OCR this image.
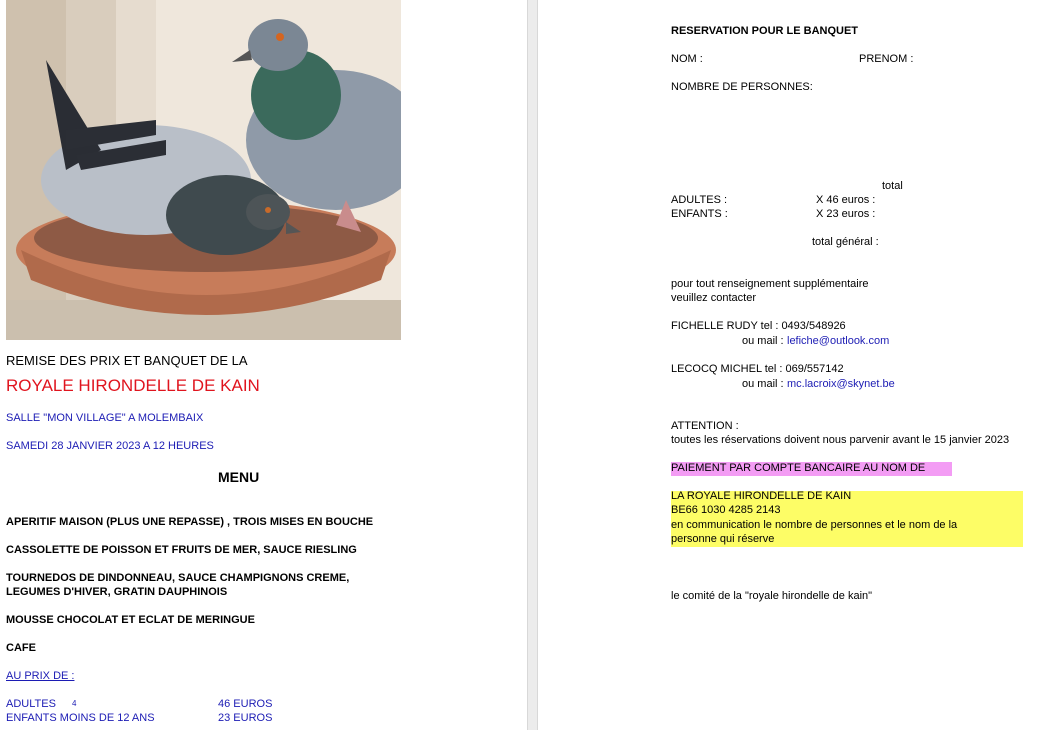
REMISE DES PRIX ET BANQUET DE LA
ROYALE HIRONDELLE DE KAIN
SALLE "MON VILLAGE" A MOLEMBAIX
SAMEDI 28 JANVIER 2023 A 12 HEURES
MENU
APERITIF MAISON (PLUS UNE REPASSE) , TROIS MISES EN BOUCHE
CASSOLETTE DE POISSON ET FRUITS DE MER, SAUCE RIESLING
TOURNEDOS DE DINDONNEAU, SAUCE CHAMPIGNONS CREME,
LEGUMES D'HIVER, GRATIN DAUPHINOIS
MOUSSE CHOCOLAT ET ECLAT DE MERINGUE
CAFE
AU PRIX DE :
ADULTES 4	46 EUROS
ENFANTS MOINS DE 12 ANS	23 EUROS
RESERVATION POUR LE BANQUET
NOM :	PRENOM :
NOMBRE DE PERSONNES:
total
ADULTES :	X 46 euros :
ENFANTS :	X 23 euros :
total général :
pour tout renseignement supplémentaire
veuillez contacter
FICHELLE RUDY tel : 0493/548926
ou mail : lefiche@outlook.com
LECOCQ MICHEL tel : 069/557142
ou mail : mc.lacroix@skynet.be
ATTENTION :
toutes les réservations doivent nous parvenir avant le 15 janvier 2023
PAIEMENT PAR COMPTE BANCAIRE AU NOM DE
LA ROYALE HIRONDELLE DE KAIN
BE66 1030 4285 2143
en communication le nombre de personnes et le nom de la
personne qui réserve
le comité de la "royale hirondelle de kain"
